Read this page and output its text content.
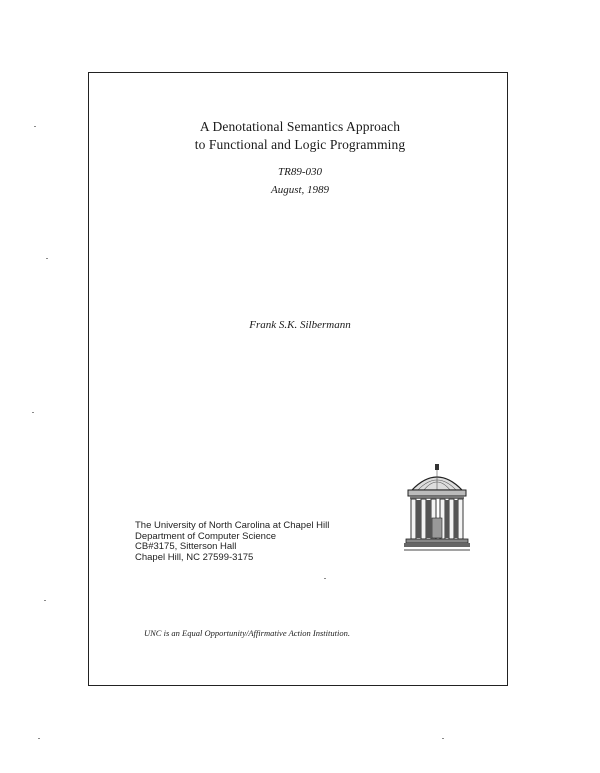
A Denotational Semantics Approach
to Functional and Logic Programming
TR89-030
August, 1989
Frank S.K. Silbermann
The University of North Carolina at Chapel Hill
Department of Computer Science
CB#3175, Sitterson Hall
Chapel Hill, NC 27599-3175
UNC is an Equal Opportunity/Affirmative Action Institution.
